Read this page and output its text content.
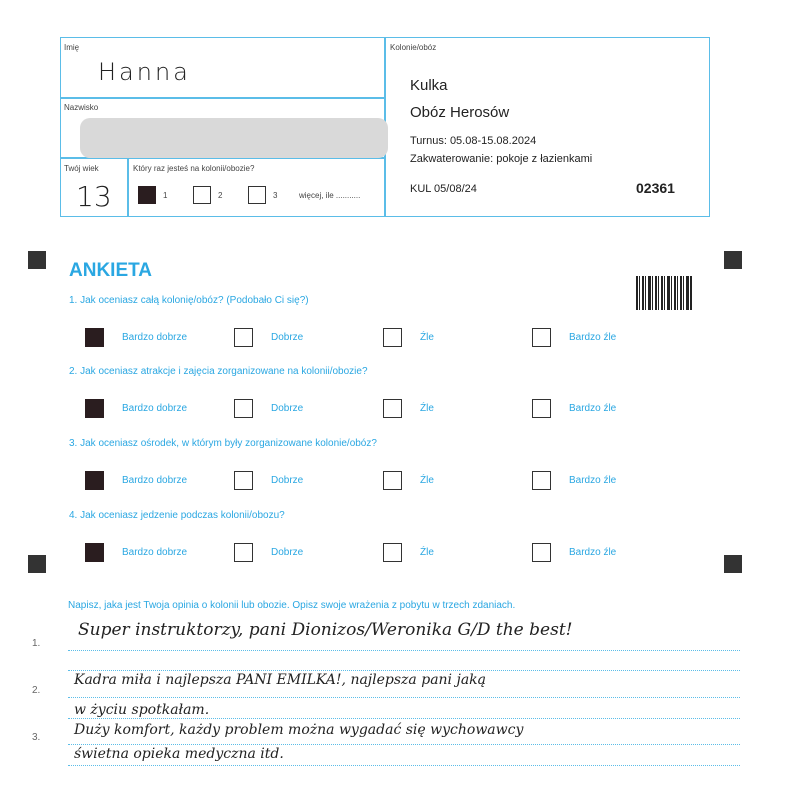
Imię
Hanna
Nazwisko
Twój wiek
13
Który raz jesteś na kolonii/obozie?
1	2	3	więcej, ile ...........
Kolonie/obóz
Kulka
Obóz Herosów
Turnus: 05.08-15.08.2024
Zakwaterowanie: pokoje z łazienkami
KUL 05/08/24	02361
ANKIETA
1. Jak oceniasz całą kolonię/obóz? (Podobało Ci się?)
Bardzo dobrze	Dobrze	Źle	Bardzo źle
2. Jak oceniasz atrakcje i zajęcia zorganizowane na kolonii/obozie?
Bardzo dobrze	Dobrze	Źle	Bardzo źle
3. Jak oceniasz ośrodek, w którym były zorganizowane kolonie/obóz?
Bardzo dobrze	Dobrze	Źle	Bardzo źle
4. Jak oceniasz jedzenie podczas kolonii/obozu?
Bardzo dobrze	Dobrze	Źle	Bardzo źle
Napisz, jaka jest Twoja opinia o kolonii lub obozie. Opisz swoje wrażenia z pobytu w trzech zdaniach.
1.
2.
3.
Super instruktorzy, pani Dionizos/Weronika G/D the best!
Kadra miła i najlepsza PANI EMILKA!, najlepsza pani jaką
w życiu spotkałam.
Duży komfort, każdy problem można wygadać się wychowawcy
świetna opieka medyczna itd.
